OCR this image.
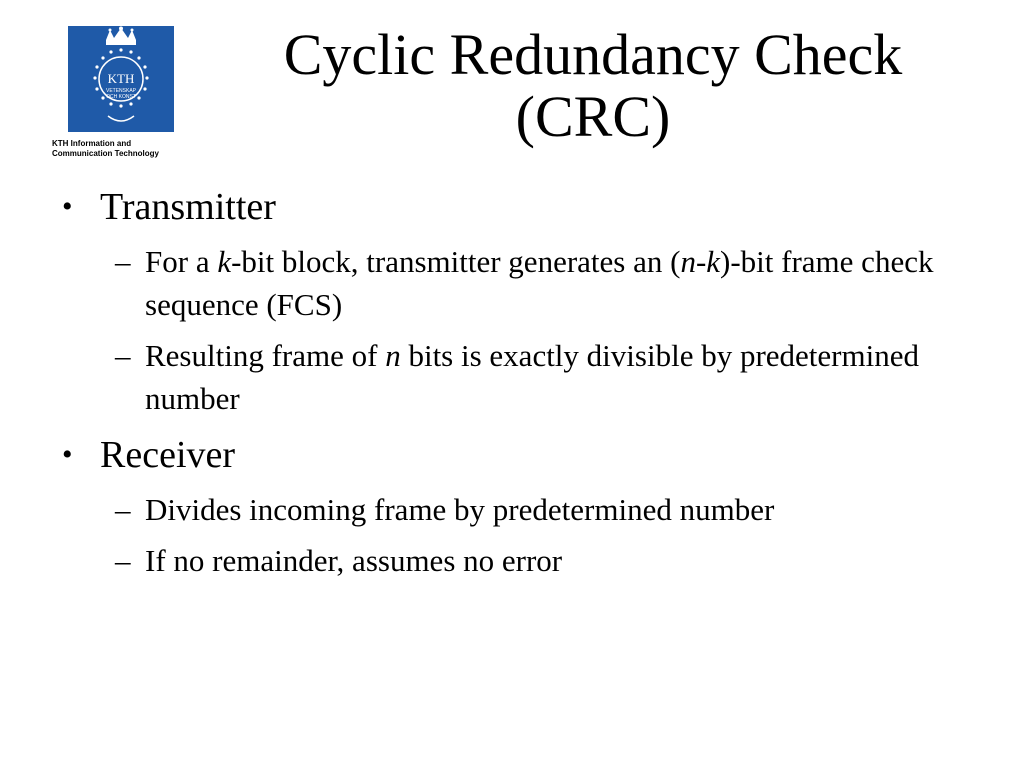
KTH
VETENSKAP
OCH KONST
KTH Information and
Communication Technology
Cyclic Redundancy Check
(CRC)
• Transmitter
– For a k-bit block, transmitter generates an (n-k)-bit frame check sequence (FCS)
– Resulting frame of n bits is exactly divisible by predetermined number
• Receiver
– Divides incoming frame by predetermined number
– If no remainder, assumes no error
